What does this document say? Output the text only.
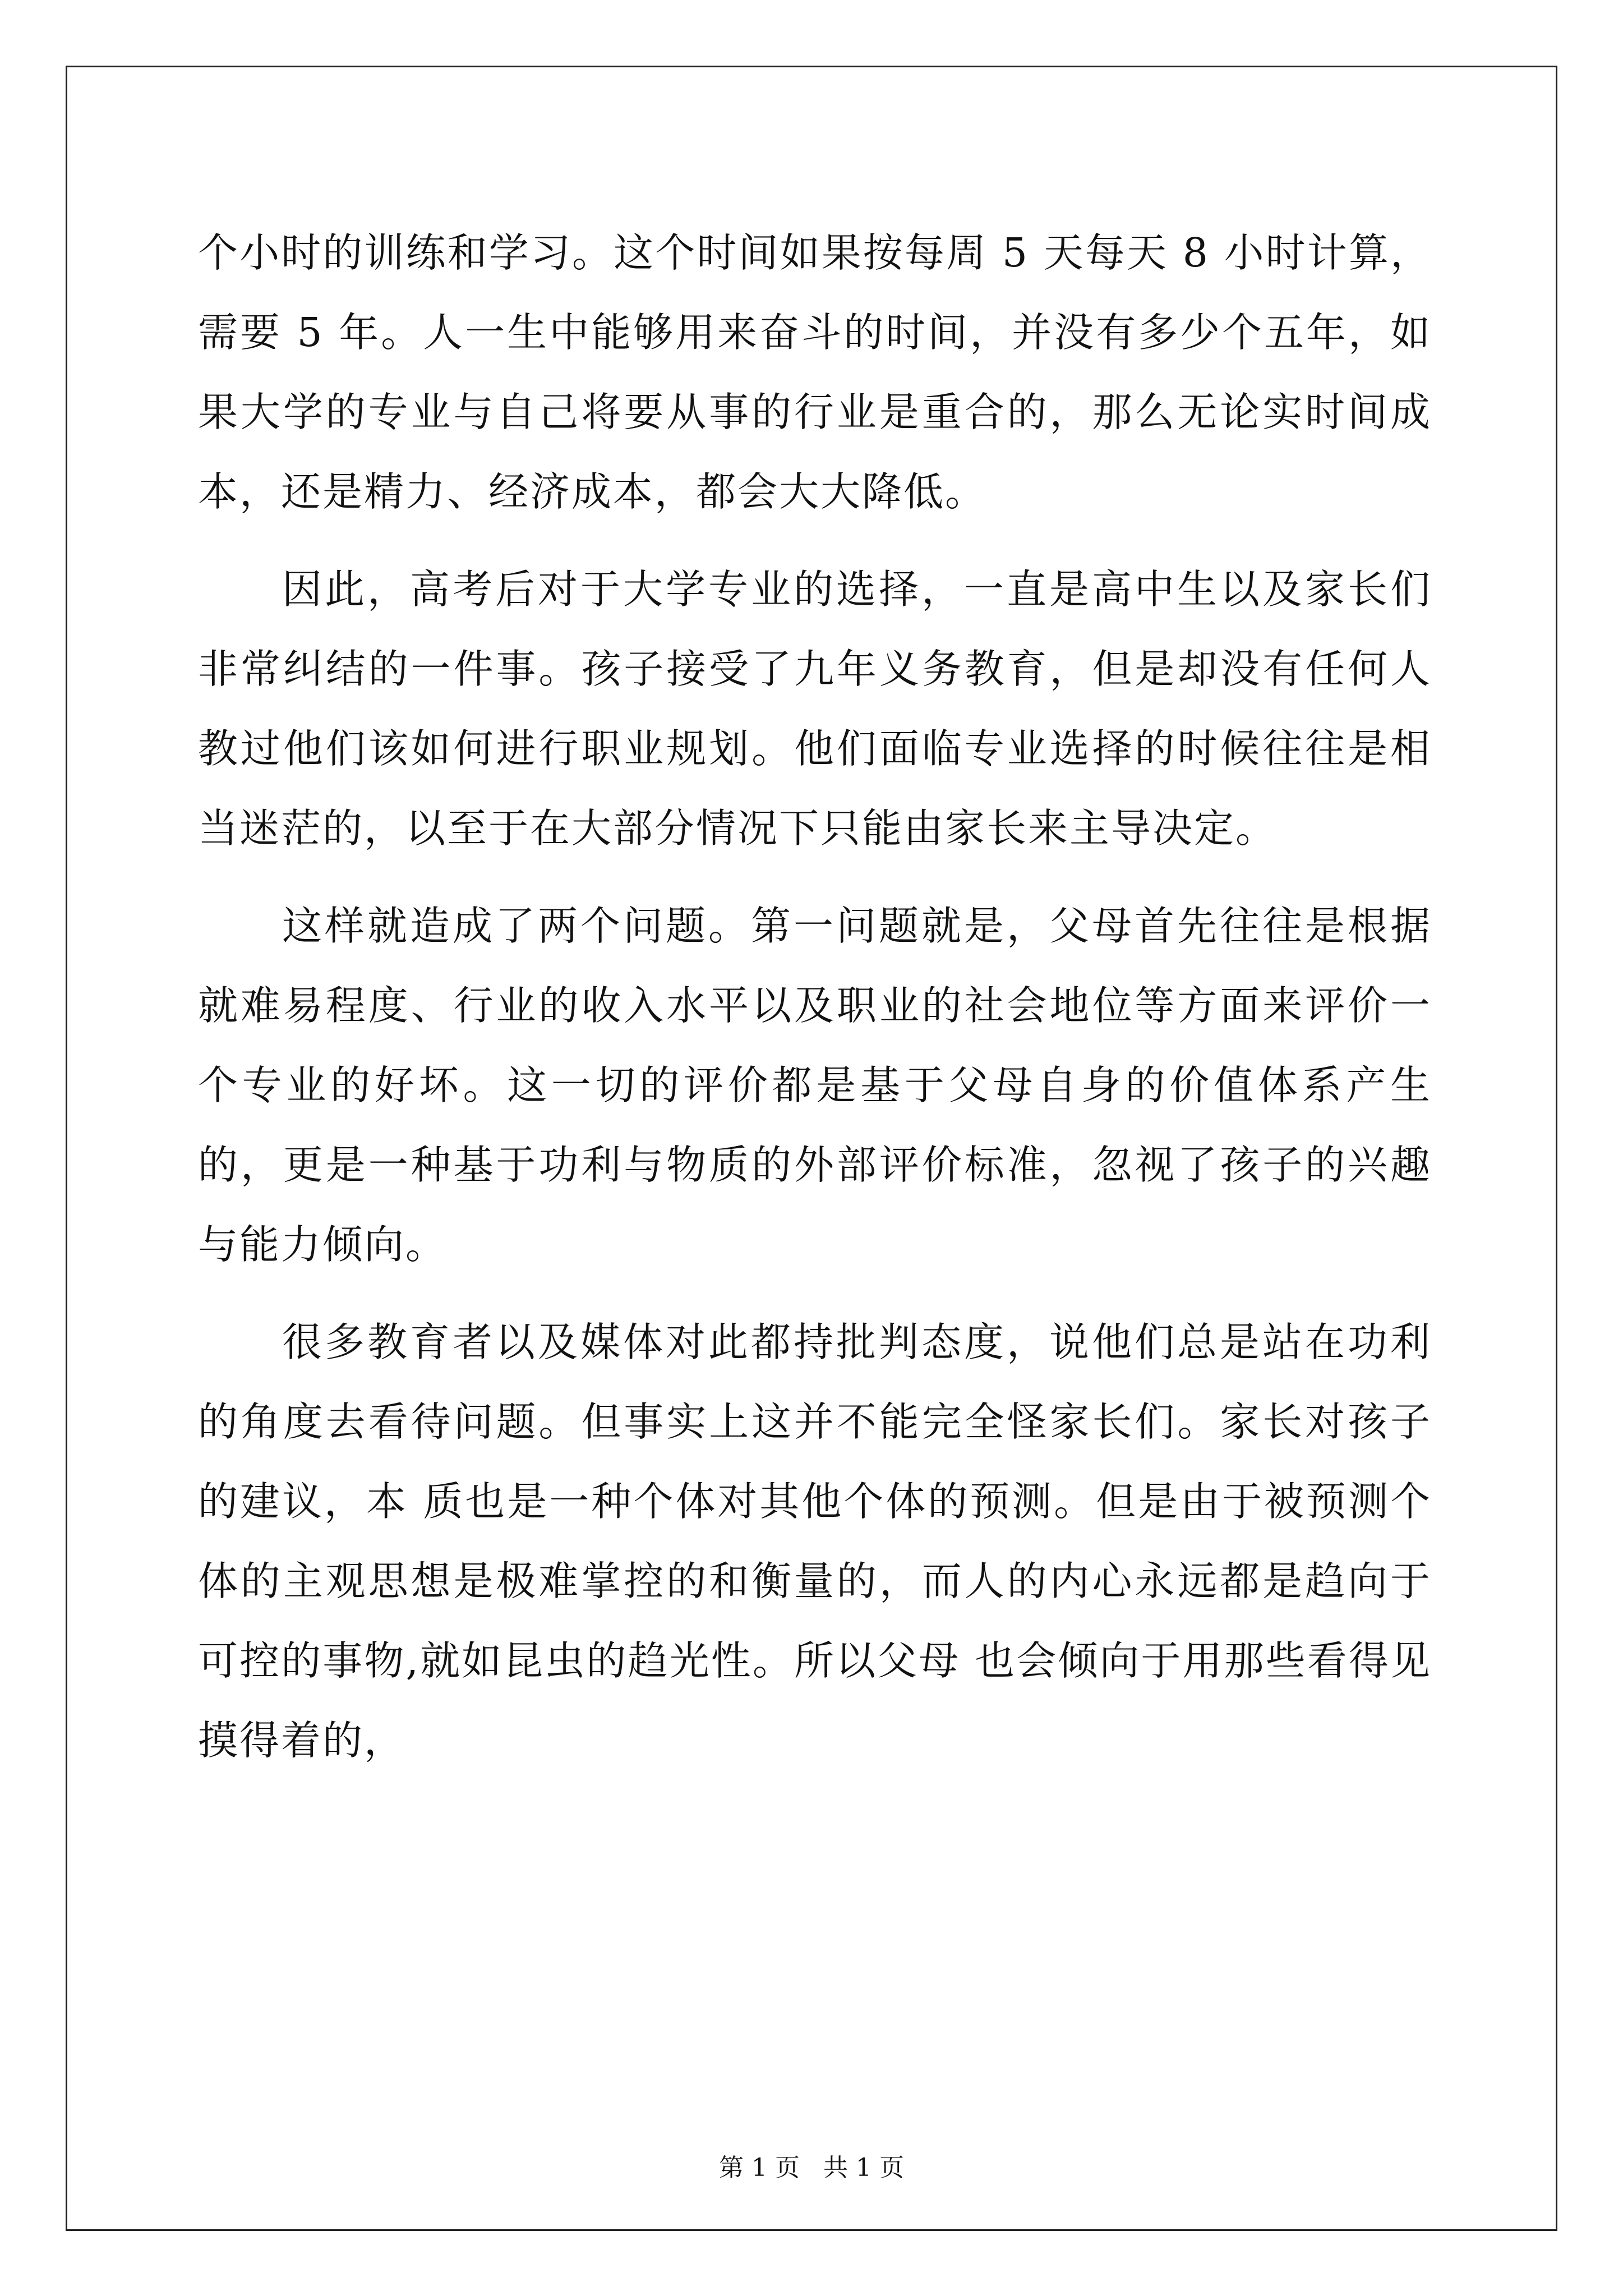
个小时的训练和学习。这个时间如果按每周 5 天每天 8 小时计算，需要 5 年。人一生中能够用来奋斗的时间，并没有多少个五年，如果大学的专业与自己将要从事的行业是重合的，那么无论实时间成本，还是精力、经济成本，都会大大降低。

因此，高考后对于大学专业的选择，一直是高中生以及家长们非常纠结的一件事。孩子接受了九年义务教育，但是却没有任何人教过他们该如何进行职业规划。他们面临专业选择的时候往往是相当迷茫的，以至于在大部分情况下只能由家长来主导决定。

这样就造成了两个问题。第一问题就是，父母首先往往是根据就难易程度、行业的收入水平以及职业的社会地位等方面来评价一个专业的好坏。这一切的评价都是基于父母自身的价值体系产生的，更是一种基于功利与物质的外部评价标准，忽视了孩子的兴趣与能力倾向。

很多教育者以及媒体对此都持批判态度，说他们总是站在功利的角度去看待问题。但事实上这并不能完全怪家长们。家长对孩子的建议，本 质也是一种个体对其他个体的预测。但是由于被预测个体的主观思想是极难掌控的和衡量的，而人的内心永远都是趋向于可控的事物,就如昆虫的趋光性。所以父母 也会倾向于用那些看得见摸得着的，

第 1 页 共 1 页
